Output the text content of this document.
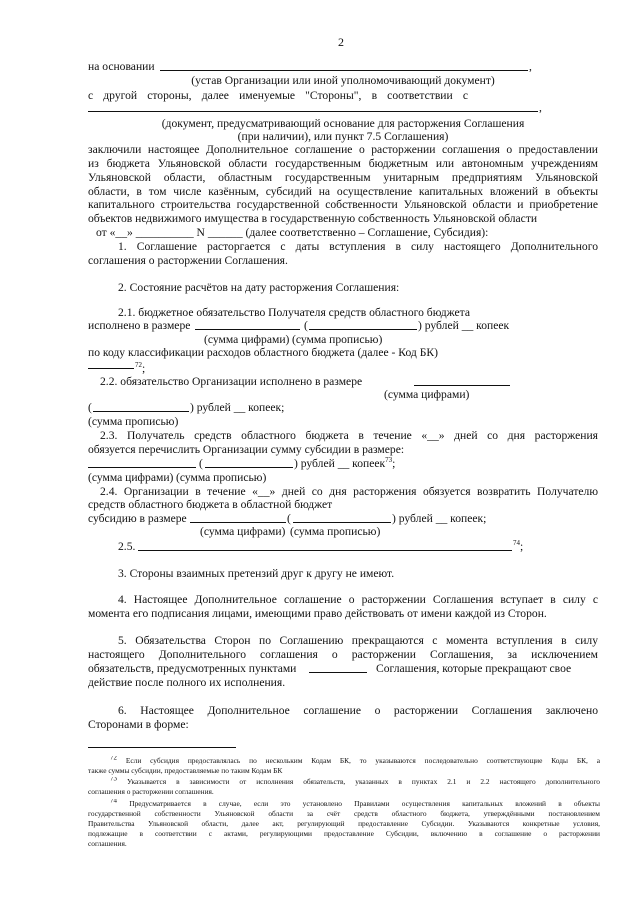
2
на основании	,
(устав Организации или иной уполномочивающий документ)
с другой стороны, далее именуемые "Стороны", в соответствии с
,
(документ, предусматривающий основание для расторжения Соглашения
(при наличии), или пункт 7.5 Соглашения)
заключили настоящее Дополнительное соглашение о расторжении соглашения о предоставлении
из бюджета Ульяновской области государственным бюджетным или автономным учреждениям
Ульяновской области, областным государственным унитарным предприятиям Ульяновской
области, в том числе казённым, субсидий на осуществление капитальных вложений в объекты
капитального строительства государственной собственности Ульяновской области и приобретение
объектов недвижимого имущества в государственную собственность Ульяновской области
от «__» __________ N ______ (далее соответственно – Соглашение, Субсидия):
1. Соглашение расторгается с даты вступления в силу настоящего Дополнительного
соглашения о расторжении Соглашения.
2. Состояние расчётов на дату расторжения Соглашения:
2.1. бюджетное обязательство Получателя средств областного бюджета
исполнено в размере	(	) рублей __ копеек
(сумма цифрами) (сумма прописью)
по коду классификации расходов областного бюджета (далее - Код БК)
$^{72}$;
2.2. обязательство Организации исполнено в размере
(сумма цифрами)
(	) рублей __ копеек;
(сумма прописью)
2.3. Получатель средств областного бюджета в течение «__» дней со дня расторжения
обязуется перечислить Организации сумму субсидии в размере:
(	) рублей __ копеек$^{73}$;
(сумма цифрами) (сумма прописью)
2.4. Организации в течение «__» дней со дня расторжения обязуется возвратить Получателю
средств областного бюджета в областной бюджет
субсидию в размере	(	) рублей __ копеек;
(сумма цифрами) (сумма прописью)
2.5.	$^{74}$;
3. Стороны взаимных претензий друг к другу не имеют.
4. Настоящее Дополнительное соглашение о расторжении Соглашения вступает в силу с
момента его подписания лицами, имеющими право действовать от имени каждой из Сторон.
5. Обязательства Сторон по Соглашению прекращаются с момента вступления в силу
настоящего Дополнительного соглашения о расторжении Соглашения, за исключением
обязательств, предусмотренных пунктами	Соглашения, которые прекращают свое
действие после полного их исполнения.
6. Настоящее Дополнительное соглашение о расторжении Соглашения заключено
Сторонами в форме:
72 Если субсидия предоставлялась по нескольким Кодам БК, то указываются последовательно соответствующие Коды БК, а
также суммы субсидии, предоставляемые по таким Кодам БК
73 Указывается в зависимости от исполнения обязательств, указанных в пунктах 2.1 и 2.2 настоящего дополнительного
соглашения о расторжении соглашения.
74 Предусматривается в случае, если это установлено Правилами осуществления капитальных вложений в объекты
государственной собственности Ульяновской области за счёт средств областного бюджета, утверждёнными постановлением
Правительства Ульяновской области, далее акт, регулирующий предоставление Субсидии. Указываются конкретные условия,
подлежащие в соответствии с актами, регулирующими предоставление Субсидии, включению в соглашение о расторжении
соглашения.
